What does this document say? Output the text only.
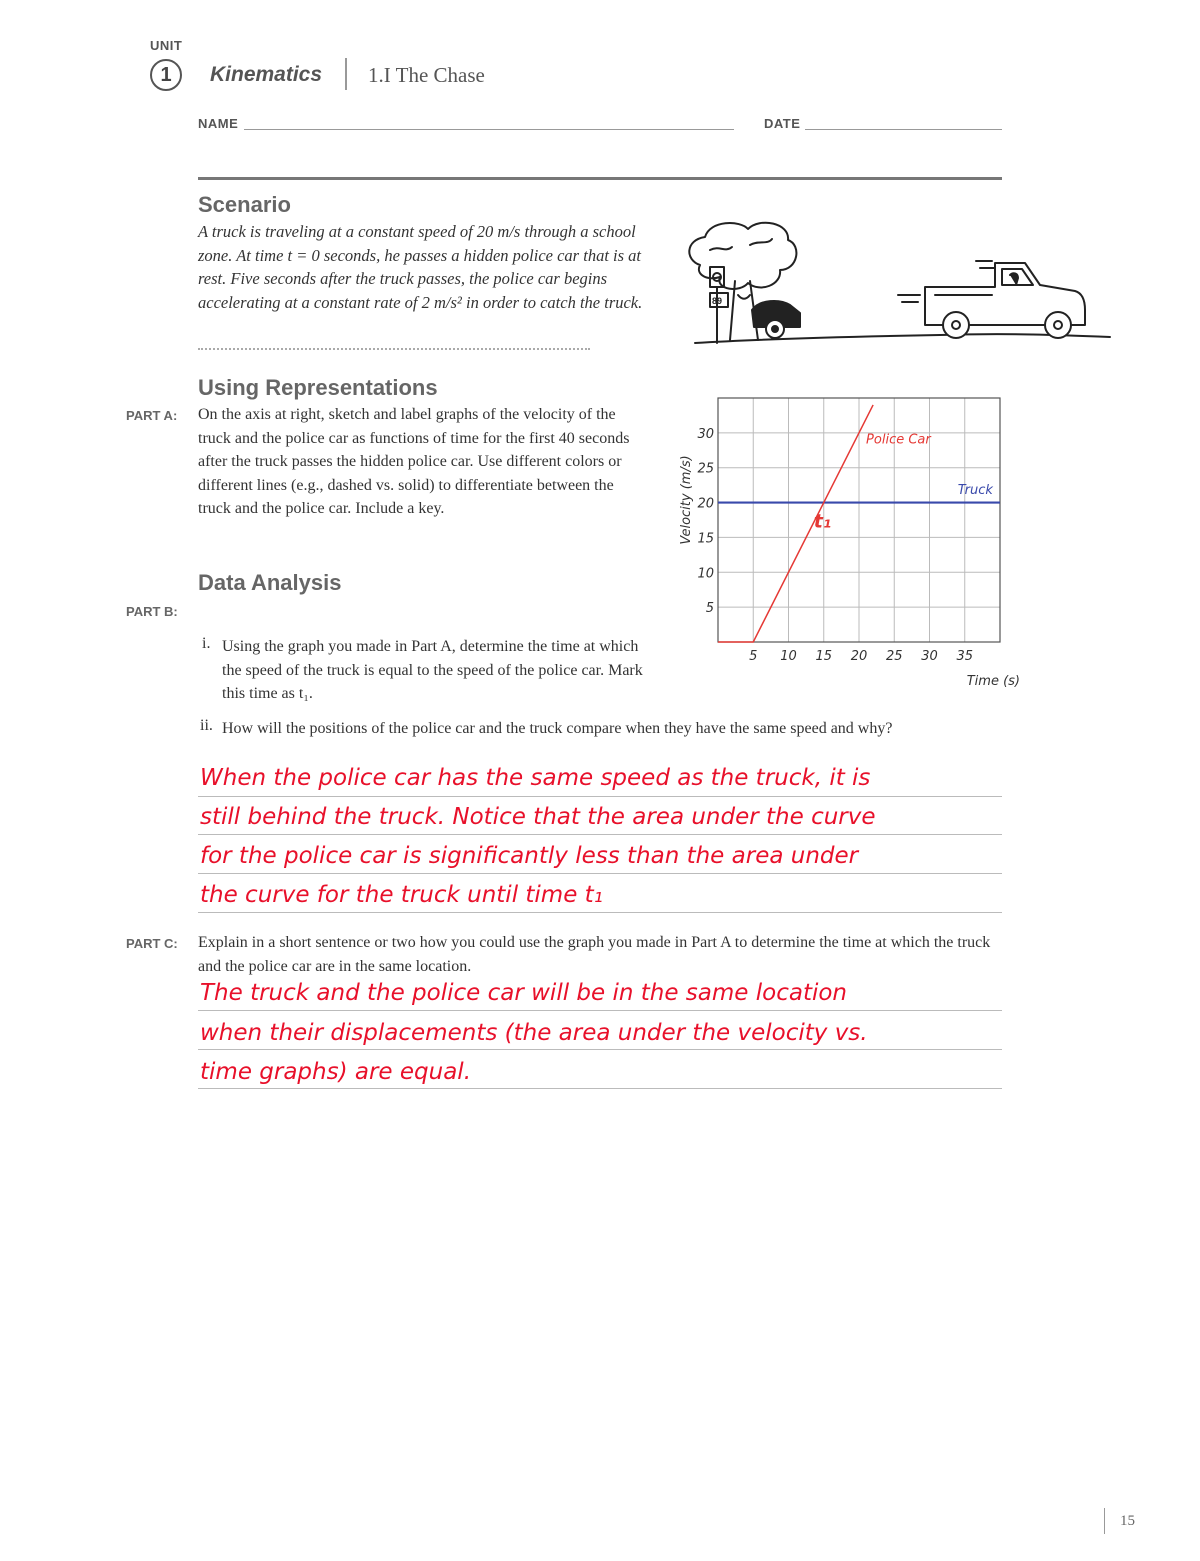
UNIT
1	Kinematics 1.I The Chase
NAME	DATE
Scenario
A truck is traveling at a constant speed of 20 m/s through a school zone. At time t = 0 seconds, he passes a hidden police car that is at rest. Five seconds after the truck passes, the police car begins accelerating at a constant rate of 2 m/s² in order to catch the truck.	89
Using Representations
PART A: On the axis at right, sketch and label graphs of the velocity of the truck and the police car as functions of time for the first 40 seconds after the truck passes the hidden police car. Use different colors or different lines (e.g., dashed vs. solid) to differentiate between the truck and the police car. Include a key.
5 10 15 20 25 30 35
5
10
15
20
25
30
Time (s)
Velocity (m/s)	Truck
Police Car
t₁
Data Analysis
PART B:
i. Using the graph you made in Part A, determine the time at which the speed of the truck is equal to the speed of the police car. Mark this time as t₁.
ii. How will the positions of the police car and the truck compare when they have the same speed and why?
When the police car has the same speed as the truck, it is
still behind the truck. Notice that the area under the curve
for the police car is significantly less than the area under
the curve for the truck until time t₁
PART C: Explain in a short sentence or two how you could use the graph you made in Part A to determine the time at which the truck and the police car are in the same location.
The truck and the police car will be in the same location
when their displacements (the area under the velocity vs.
time graphs) are equal.
15
